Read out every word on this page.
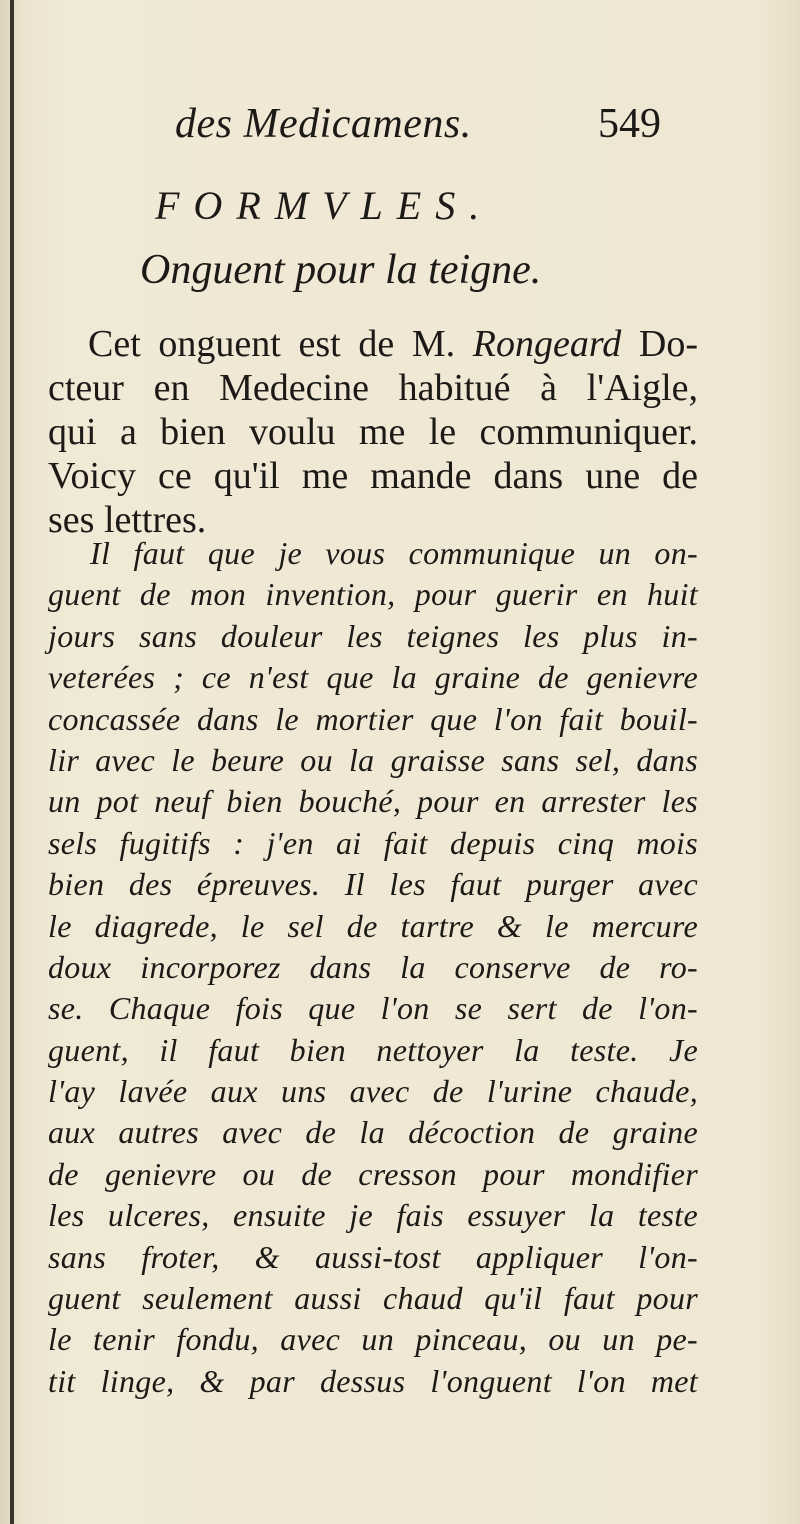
des Medicamens.	549
FORMVLES.
Onguent pour la teigne.
Cet onguent est de M. Rongeard Do-
cteur en Medecine habitué à l'Aigle,
qui a bien voulu me le communiquer.
Voicy ce qu'il me mande dans une de
ses lettres.
Il faut que je vous communique un on-
guent de mon invention, pour guerir en huit
jours sans douleur les teignes les plus in-
veterées ; ce n'est que la graine de genievre
concassée dans le mortier que l'on fait bouil-
lir avec le beure ou la graisse sans sel, dans
un pot neuf bien bouché, pour en arrester les
sels fugitifs : j'en ai fait depuis cinq mois
bien des épreuves. Il les faut purger avec
le diagrede, le sel de tartre & le mercure
doux incorporez dans la conserve de ro-
se. Chaque fois que l'on se sert de l'on-
guent, il faut bien nettoyer la teste. Je
l'ay lavée aux uns avec de l'urine chaude,
aux autres avec de la décoction de graine
de genievre ou de cresson pour mondifier
les ulceres, ensuite je fais essuyer la teste
sans froter, & aussi-tost appliquer l'on-
guent seulement aussi chaud qu'il faut pour
le tenir fondu, avec un pinceau, ou un pe-
tit linge, & par dessus l'onguent l'on met
